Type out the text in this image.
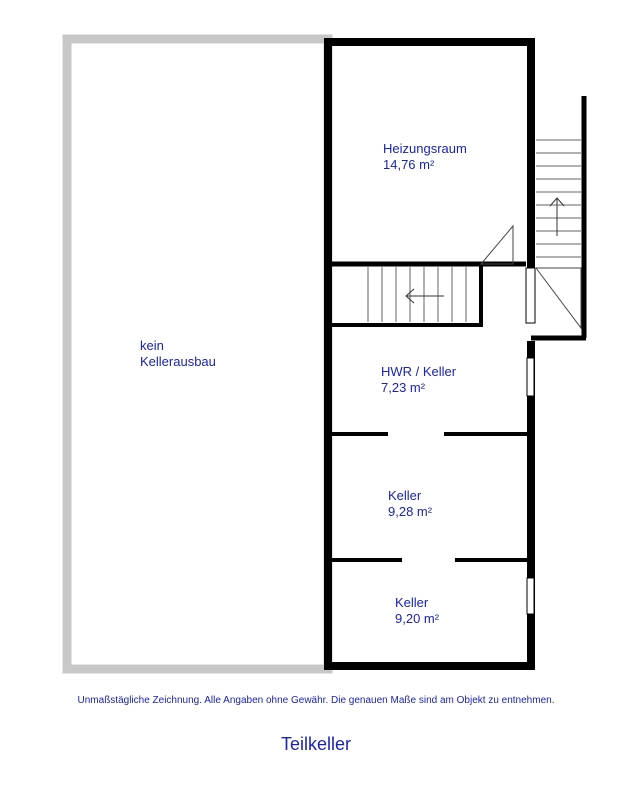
kein
Kellerausbau
Heizungsraum
14,76 m²
HWR / Keller
7,23 m²
Keller
9,28 m²
Keller
9,20 m²
Unmaßstägliche Zeichnung. Alle Angaben ohne Gewähr. Die genauen Maße sind am Objekt zu entnehmen.
Teilkeller
